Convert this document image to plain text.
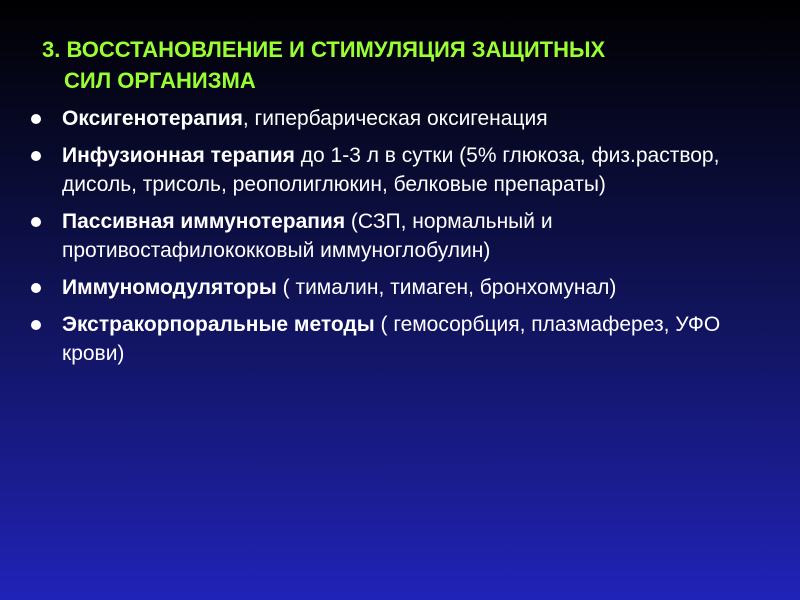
3. ВОССТАНОВЛЕНИЕ И СТИМУЛЯЦИЯ ЗАЩИТНЫХ
СИЛ ОРГАНИЗМА
Оксигенотерапия, гипербарическая оксигенация
Инфузионная терапия до 1-3 л в сутки (5% глюкоза, физ.раствор, дисоль, трисоль, реополиглюкин, белковые препараты)
Пассивная иммунотерапия (СЗП, нормальный и противостафилококковый иммуноглобулин)
Иммуномодуляторы ( тималин, тимаген, бронхомунал)
Экстракорпоральные методы ( гемосорбция, плазмаферез, УФО крови)
